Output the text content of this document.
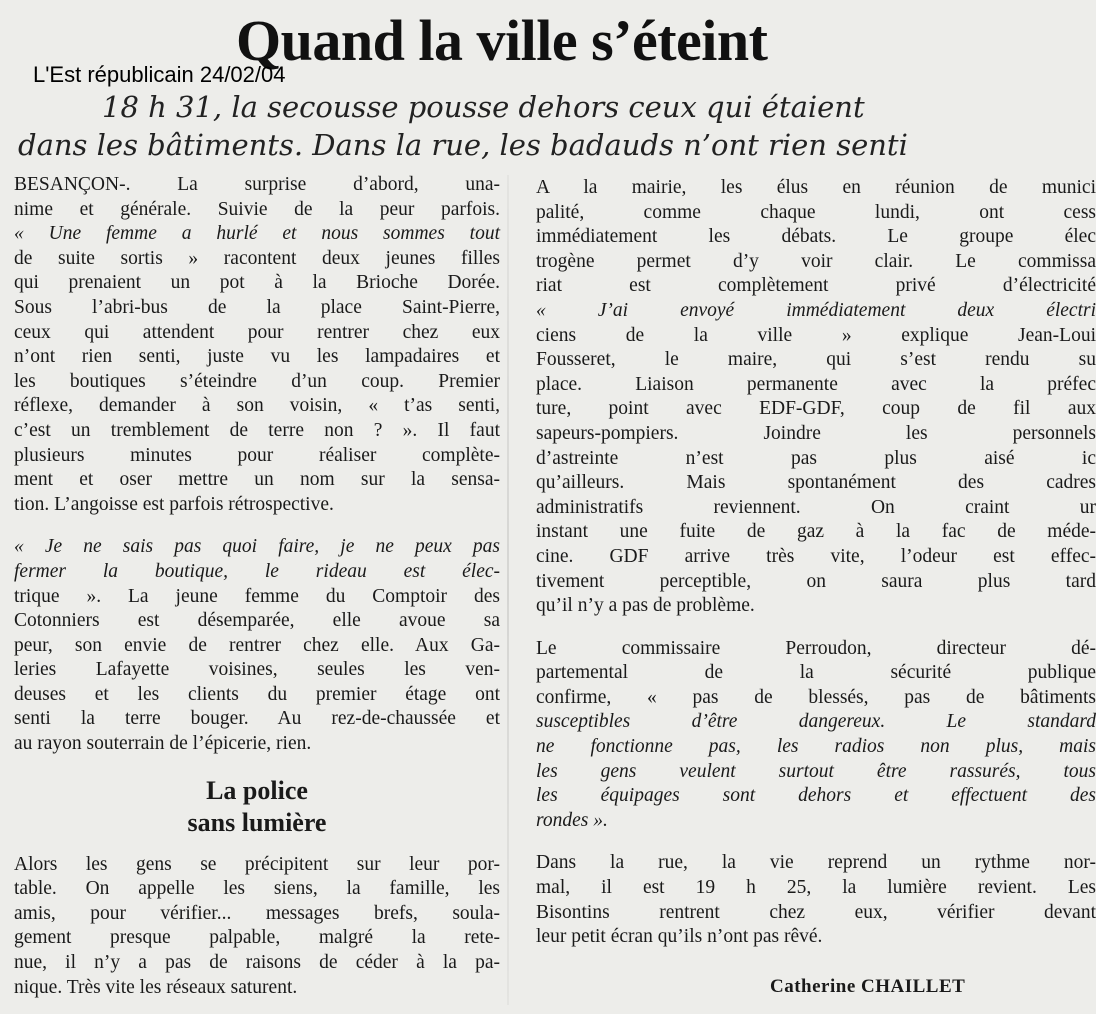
Quand la ville s’éteint
L'Est républicain 24/02/04
18 h 31, la secousse pousse dehors ceux qui étaient
dans les bâtiments. Dans la rue, les badauds n’ont rien senti
BESANÇON-. La surprise d’abord, una-
nime et générale. Suivie de la peur parfois.
« Une femme a hurlé et nous sommes tout
de suite sortis » racontent deux jeunes filles
qui prenaient un pot à la Brioche Dorée.
Sous l’abri-bus de la place Saint-Pierre,
ceux qui attendent pour rentrer chez eux
n’ont rien senti, juste vu les lampadaires et
les boutiques s’éteindre d’un coup. Premier
réflexe, demander à son voisin, « t’as senti,
c’est un tremblement de terre non ? ». Il faut
plusieurs minutes pour réaliser complète-
ment et oser mettre un nom sur la sensa-
tion. L’angoisse est parfois rétrospective.
« Je ne sais pas quoi faire, je ne peux pas
fermer la boutique, le rideau est élec-
trique ». La jeune femme du Comptoir des
Cotonniers est désemparée, elle avoue sa
peur, son envie de rentrer chez elle. Aux Ga-
leries Lafayette voisines, seules les ven-
deuses et les clients du premier étage ont
senti la terre bouger. Au rez-de-chaussée et
au rayon souterrain de l’épicerie, rien.
La police
sans lumière
Alors les gens se précipitent sur leur por-
table. On appelle les siens, la famille, les
amis, pour vérifier... messages brefs, soula-
gement presque palpable, malgré la rete-
nue, il n’y a pas de raisons de céder à la pa-
nique. Très vite les réseaux saturent.
A la mairie, les élus en réunion de munici
palité, comme chaque lundi, ont cess
immédiatement les débats. Le groupe élec
trogène permet d’y voir clair. Le commissa
riat est complètement privé d’électricité
« J’ai envoyé immédiatement deux électri
ciens de la ville » explique Jean-Loui
Fousseret, le maire, qui s’est rendu su
place. Liaison permanente avec la préfec
ture, point avec EDF-GDF, coup de fil aux
sapeurs-pompiers. Joindre les personnels
d’astreinte n’est pas plus aisé ic
qu’ailleurs. Mais spontanément des cadres
administratifs reviennent. On craint ur
instant une fuite de gaz à la fac de méde-
cine. GDF arrive très vite, l’odeur est effec-
tivement perceptible, on saura plus tard
qu’il n’y a pas de problème.
Le commissaire Perroudon, directeur dé-
partemental de la sécurité publique
confirme, « pas de blessés, pas de bâtiments
susceptibles d’être dangereux. Le standard
ne fonctionne pas, les radios non plus, mais
les gens veulent surtout être rassurés, tous
les équipages sont dehors et effectuent des
rondes ».
Dans la rue, la vie reprend un rythme nor-
mal, il est 19 h 25, la lumière revient. Les
Bisontins rentrent chez eux, vérifier devant
leur petit écran qu’ils n’ont pas rêvé.
Catherine CHAILLET
